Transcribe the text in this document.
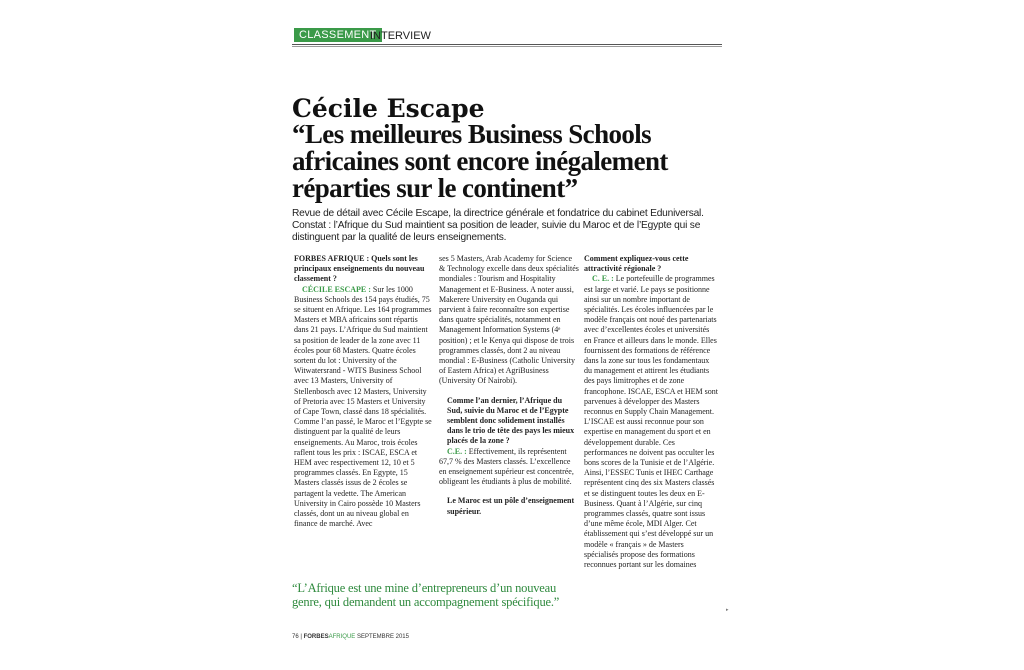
CLASSEMENT
INTERVIEW
Cécile Escape
“Les meilleures Business Schools africaines sont encore inégalement réparties sur le continent”

Revue de détail avec Cécile Escape, la directrice générale et fondatrice du cabinet Eduniversal. Constat : l’Afrique du Sud maintient sa position de leader, suivie du Maroc et de l’Egypte qui se distinguent par la qualité de leurs enseignements.

FORBES AFRIQUE : Quels sont les principaux enseignements du nouveau classement ?

CÉCILE ESCAPE : Sur les 1000 Business Schools des 154 pays étudiés, 75 se situent en Afrique. Les 164 programmes Masters et MBA africains sont répartis dans 21 pays. L’Afrique du Sud maintient sa position de leader de la zone avec 11 écoles pour 68 Masters. Quatre écoles sortent du lot : University of the Witwatersrand - WITS Business School avec 13 Masters, University of Stellenbosch avec 12 Masters, University of Pretoria avec 15 Masters et University of Cape Town, classé dans 18 spécialités. Comme l’an passé, le Maroc et l’Egypte se distinguent par la qualité de leurs enseignements. Au Maroc, trois écoles raflent tous les prix : ISCAE, ESCA et HEM avec respectivement 12, 10 et 5 programmes classés. En Egypte, 15 Masters classés issus de 2 écoles se partagent la vedette. The American University in Cairo possède 10 Masters classés, dont un au niveau global en finance de marché. Avec

ses 5 Masters, Arab Academy for Science & Technology excelle dans deux spécialités mondiales : Tourism and Hospitality Management et E-Business. A noter aussi, Makerere University en Ouganda qui parvient à faire reconnaître son expertise dans quatre spécialités, notamment en Management Information Systems (4ᵉ position) ; et le Kenya qui dispose de trois programmes classés, dont 2 au niveau mondial : E-Business (Catholic University of Eastern Africa) et AgriBusiness (University Of Nairobi).

Comme l’an dernier, l’Afrique du Sud, suivie du Maroc et de l’Egypte semblent donc solidement installés dans le trio de tête des pays les mieux placés de la zone ?

C.E. : Effectivement, ils représentent 67,7 % des Masters classés. L’excellence en enseignement supérieur est concentrée, obligeant les étudiants à plus de mobilité.

Le Maroc est un pôle d’enseignement supérieur.

Comment expliquez-vous cette attractivité régionale ?

C. E. : Le portefeuille de programmes est large et varié. Le pays se positionne ainsi sur un nombre important de spécialités. Les écoles influencées par le modèle français ont noué des partenariats avec d’excellentes écoles et universités en France et ailleurs dans le monde. Elles fournissent des formations de référence dans la zone sur tous les fondamentaux du management et attirent les étudiants des pays limitrophes et de zone francophone. ISCAE, ESCA et HEM sont parvenues à développer des Masters reconnus en Supply Chain Management. L’ISCAE est aussi reconnue pour son expertise en management du sport et en développement durable. Ces performances ne doivent pas occulter les bons scores de la Tunisie et de l’Algérie. Ainsi, l’ESSEC Tunis et IHEC Carthage représentent cinq des six Masters classés et se distinguent toutes les deux en E-Business. Quant à l’Algérie, sur cinq programmes classés, quatre sont issus d’une même école, MDI Alger. Cet établissement qui s’est développé sur un modèle « français » de Masters spécialisés propose des formations reconnues portant sur les domaines

“L’Afrique est une mine d’entrepreneurs d’un nouveau genre, qui demandent un accompagnement spécifique.”

▸
76 | FORBESAFRIQUE SEPTEMBRE 2015
